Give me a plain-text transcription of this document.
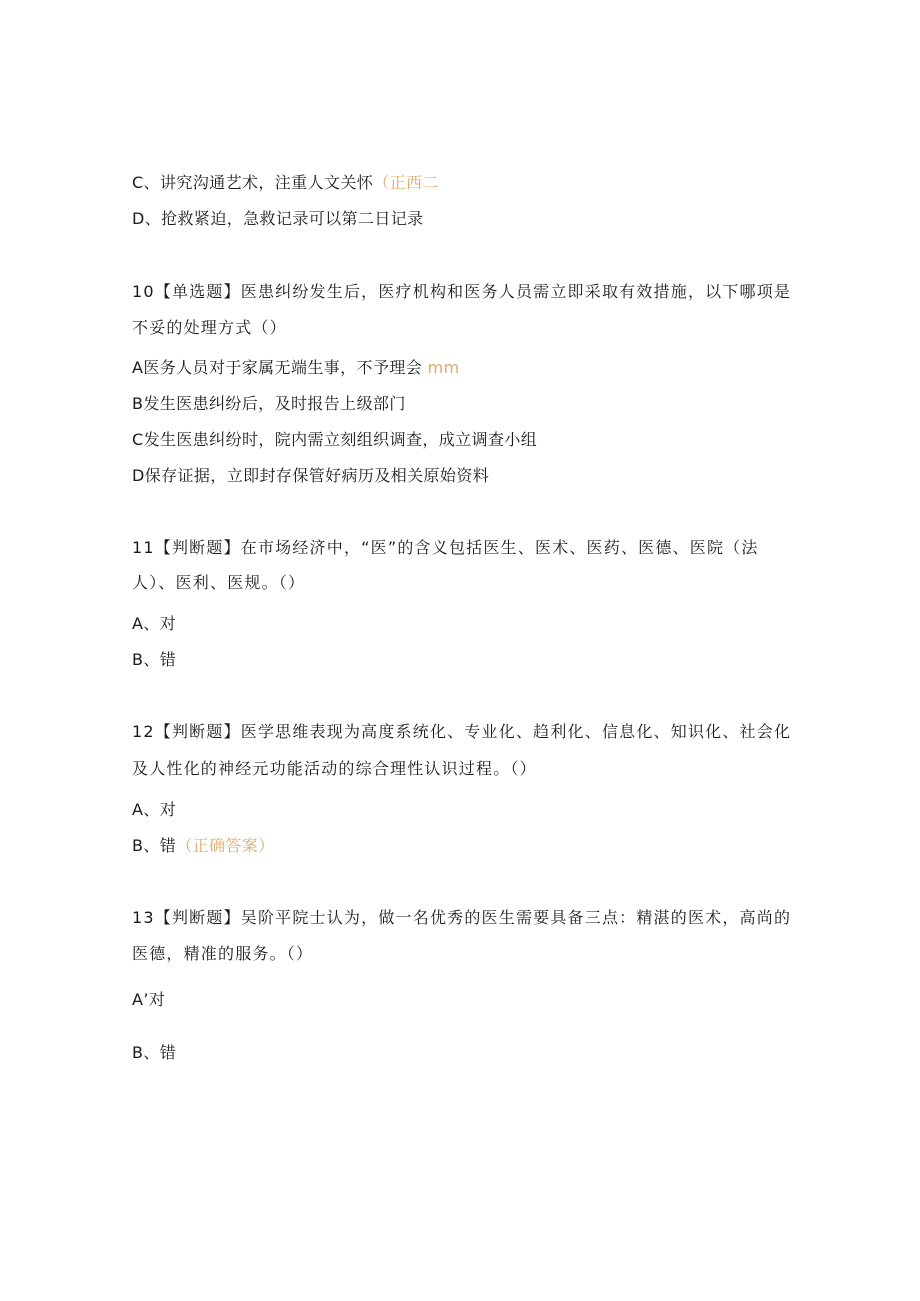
C、讲究沟通艺术，注重人文关怀（正西二
D、抢救紧迫，急救记录可以第二日记录
10【单选题】医患纠纷发生后，医疗机构和医务人员需立即采取有效措施，以下哪项是
不妥的处理方式（）
A医务人员对于家属无端生事，不予理会 mm
B发生医患纠纷后，及时报告上级部门
C发生医患纠纷时，院内需立刻组织调查，成立调查小组
D保存证据，立即封存保管好病历及相关原始资料
11【判断题】在市场经济中，“医”的含义包括医生、医术、医药、医德、医院（法
人）、医利、医规。（）
A、对
B、错
12【判断题】医学思维表现为高度系统化、专业化、趋利化、信息化、知识化、社会化
及人性化的神经元功能活动的综合理性认识过程。（）
A、对
B、错（正确答案）
13【判断题】吴阶平院士认为，做一名优秀的医生需要具备三点：精湛的医术，高尚的
医德，精准的服务。（）
A’对
B、错
